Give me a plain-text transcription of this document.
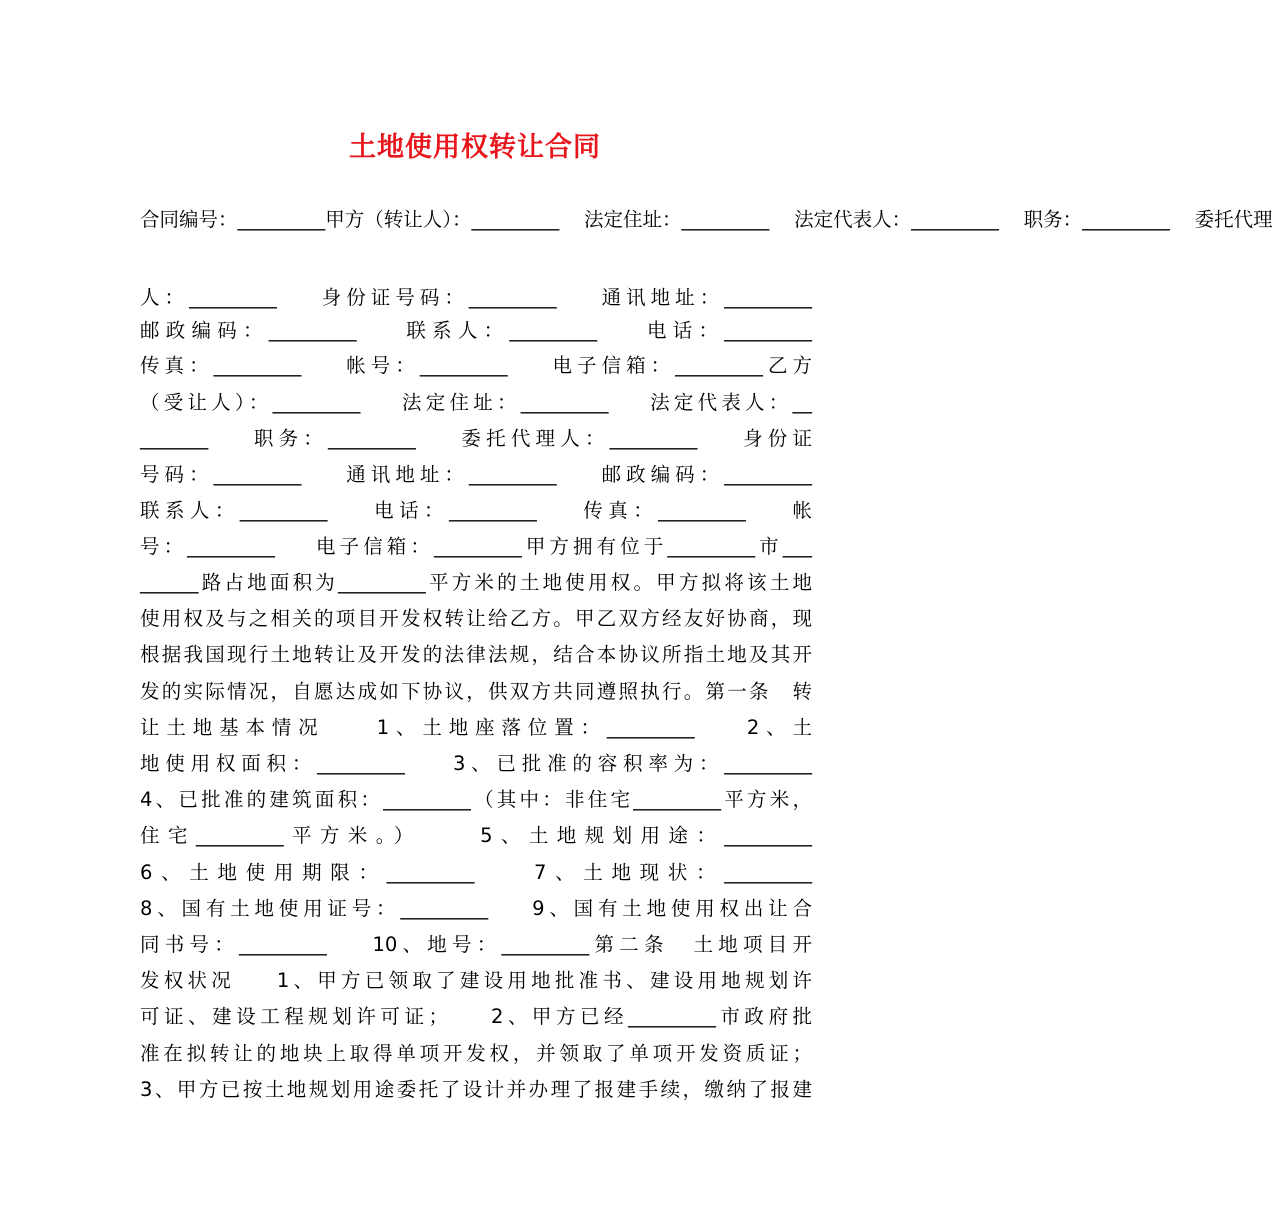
土地使用权转让合同
合同编号：_________甲方（转让人）：_________    法定住址：_________    法定代表人：_________    职务：_________    委托代理
人：_________    身份证号码：_________    通讯地址：_________
邮政编码：_________    联系人：_________    电话：_________
传真：_________    帐号：_________    电子信箱：_________乙方
（受让人）：_________    法定住址：_________    法定代表人：__
_______    职务：_________    委托代理人：_________    身份证
号码：_________    通讯地址：_________    邮政编码：_________
联系人：_________    电话：_________    传真：_________    帐
号：_________    电子信箱：_________甲方拥有位于_________市___
______路占地面积为_________平方米的土地使用权。甲方拟将该土地
使用权及与之相关的项目开发权转让给乙方。甲乙双方经友好协商，现
根据我国现行土地转让及开发的法律法规，结合本协议所指土地及其开
发的实际情况，自愿达成如下协议，供双方共同遵照执行。第一条　转
让土地基本情况    1、土地座落位置：_________    2、土
地使用权面积：_________    3、已批准的容积率为：_________
4、已批准的建筑面积：_________（其中：非住宅_________平方米，
住宅_________平方米。）    5、土地规划用途：_________
6、土地使用期限：_________    7、土地现状：_________
8、国有土地使用证号：_________    9、国有土地使用权出让合
同书号：_________    10、地号：_________第二条　土地项目开
发权状况    1、甲方已领取了建设用地批准书、建设用地规划许
可证、建设工程规划许可证；    2、甲方已经_________市政府批
准在拟转让的地块上取得单项开发权，并领取了单项开发资质证；
3、甲方已按土地规划用途委托了设计并办理了报建手续，缴纳了报建
